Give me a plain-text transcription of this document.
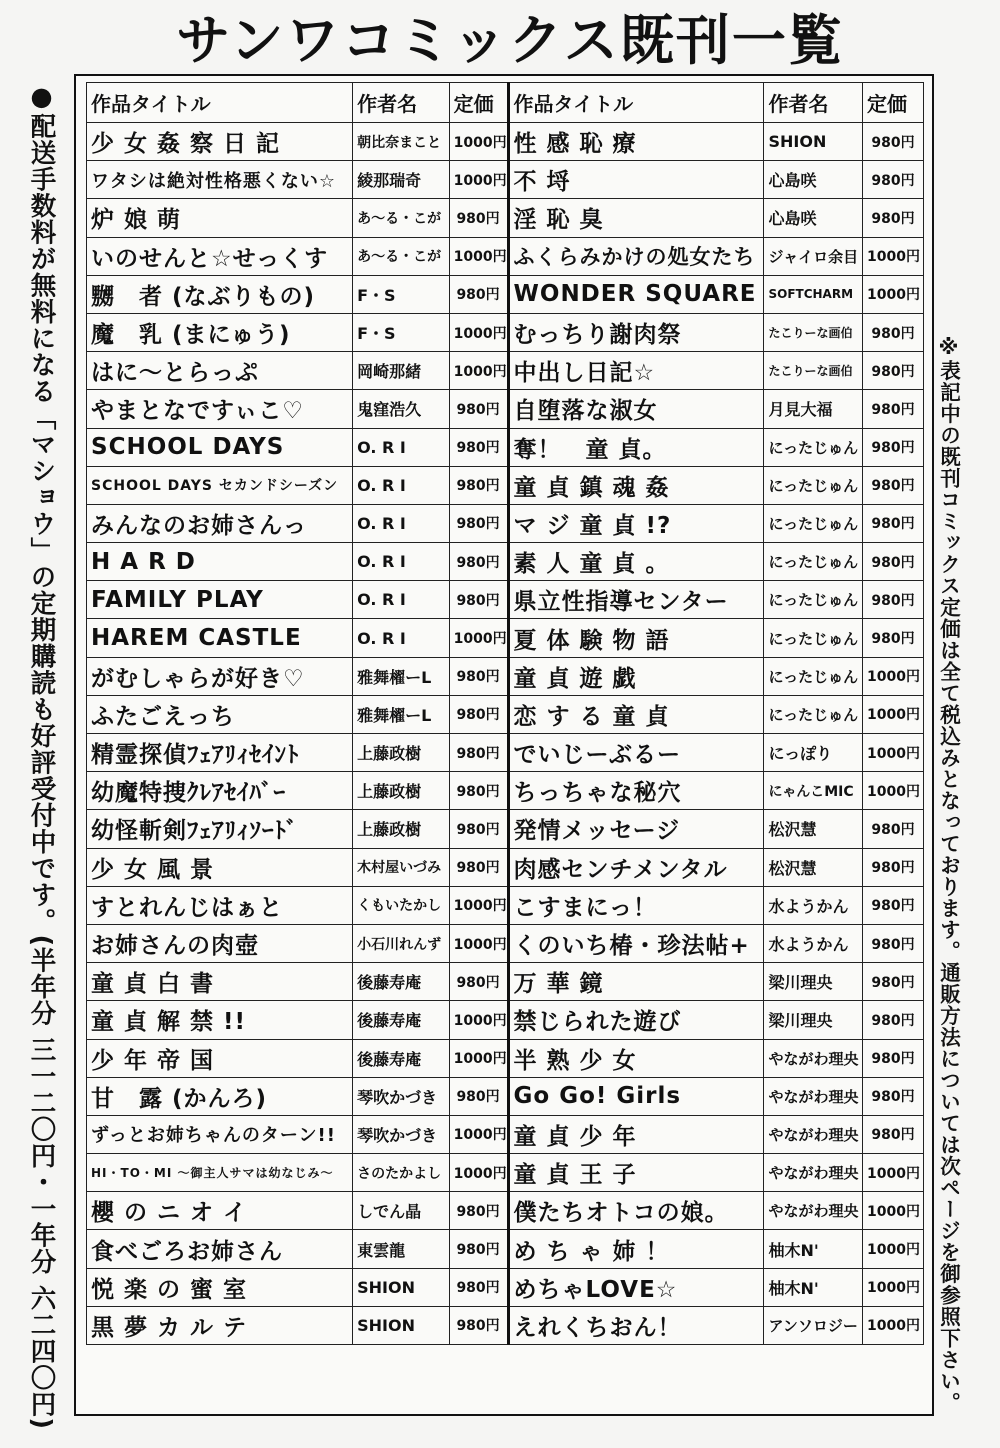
サンワコミックス既刊一覧
●配送手数料が無料になる「マショウ」の定期購読も好評受付中です。(半年分 三一二〇円・一年分 六二四〇円) 作品タイトル	作者名	定価	作品タイトル	作者名	定価
少 女 姦 察 日 記	朝比奈まこと	1000円	性 感 恥 療	SHION	980円
ワタシは絶対性格悪くない☆	綾那瑞奇	1000円	不 埒	心島咲	980円
炉 娘 萌	あ〜る・こが	980円	淫 恥 臭	心島咲	980円
いのせんと☆せっくす	あ〜る・こが	1000円	ふくらみかけの処女たち	ジャイロ余目	1000円
嬲　者 (なぶりもの)	F・S	980円	WONDER SQUARE	SOFTCHARM	1000円
魔　乳 (まにゅう)	F・S	1000円	むっちり謝肉祭	たこりーな画伯	980円
はに〜とらっぷ	岡崎那緒	1000円	中出し日記☆	たこりーな画伯	980円
やまとなですぃこ♡	鬼窪浩久	980円	自堕落な淑女	月見大福	980円
SCHOOL DAYS	O. R I	980円	奪！　童 貞。	にったじゅん	980円
SCHOOL DAYS セカンドシーズン	O. R I	980円	童 貞 鎮 魂 姦	にったじゅん	980円
みんなのお姉さんっ	O. R I	980円	マ ジ 童 貞 !?	にったじゅん	980円
H A R D	O. R I	980円	素 人 童 貞 。	にったじゅん	980円
FAMILY PLAY	O. R I	980円	県立性指導センター	にったじゅん	980円
HAREM CASTLE	O. R I	1000円	夏 体 験 物 語	にったじゅん	980円
がむしゃらが好き♡	雅舞櫂ーL	980円	童 貞 遊 戯	にったじゅん	1000円
ふたごえっち	雅舞櫂ーL	980円	恋 す る 童 貞	にったじゅん	1000円
精霊探偵ﾌｪｱﾘｨｾｲﾝﾄ	上藤政樹	980円	でいじーぶるー	にっぽり	1000円
幼魔特捜ｸﾚｱｾｲﾊﾞｰ	上藤政樹	980円	ちっちゃな秘穴	にゃんこMIC	1000円
幼怪斬剣ﾌｪｱﾘｨｿｰﾄﾞ	上藤政樹	980円	発情メッセージ	松沢慧	980円
少 女 風 景	木村屋いづみ	980円	肉感センチメンタル	松沢慧	980円
すとれんじはぁと	くもいたかし	1000円	こすまにっ！	水ようかん	980円
お姉さんの肉壺	小石川れんず	1000円	くのいち椿・珍法帖+	水ようかん	980円
童 貞 白 書	後藤寿庵	980円	万 華 鏡	梁川理央	980円
童 貞 解 禁 !!	後藤寿庵	1000円	禁じられた遊び	梁川理央	980円
少 年 帝 国	後藤寿庵	1000円	半 熟 少 女	やながわ理央	980円
甘　露 (かんろ)	琴吹かづき	980円	Go Go! Girls	やながわ理央	980円
ずっとお姉ちゃんのターン!!	琴吹かづき	1000円	童 貞 少 年	やながわ理央	980円
HI・TO・MI 〜御主人サマは幼なじみ〜	さのたかよし	1000円	童 貞 王 子	やながわ理央	1000円
櫻 の ニ オ イ	しでん晶	980円	僕たちオトコの娘。	やながわ理央	1000円
食べごろお姉さん	東雲龍	980円	め ち ゃ 姉 ！	柚木N'	1000円
悦 楽 の 蜜 室	SHION	980円	めちゃLOVE☆	柚木N'	1000円
黒 夢 カ ル テ	SHION	980円	えれくちおん！	アンソロジー	1000円 ※表記中の既刊コミックス定価は全て税込みとなっております。通販方法については次ページを御参照下さい。
